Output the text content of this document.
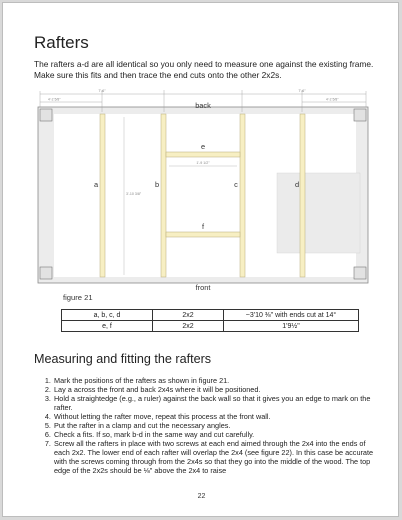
Rafters
The rafters a-d are all identical so you only need to measure one against the existing frame. Make sure this fits and then trace the end cuts onto the other 2x2s.
7'-6"	7'-6"
4'-2 5/8"	4'-2 5/8"
3'-10 3/8"
1'-9 1/2"
back
front
a	b	c	d
e
f
figure 21
a, b, c, d	2x2	~3'10 ⅜" with ends cut at 14°
e, f	2x2	1'9½"
Measuring and fitting the rafters
1. Mark the positions of the rafters as shown in figure 21.
2. Lay a across the front and back 2x4s where it will be positioned.
3. Hold a straightedge (e.g., a ruler) against the back wall so that it gives you an edge to mark on the rafter.
4. Without letting the rafter move, repeat this process at the front wall.
5. Put the rafter in a clamp and cut the necessary angles.
6. Check a fits. If so, mark b-d in the same way and cut carefully.
7. Screw all the rafters in place with two screws at each end aimed through the 2x4 into the ends of each 2x2. The lower end of each rafter will overlap the 2x4 (see figure 22). In this case be accurate with the screws coming through from the 2x4s so that they go into the middle of the wood. The top edge of the 2x2s should be ⅛" above the 2x4 to raise
22
